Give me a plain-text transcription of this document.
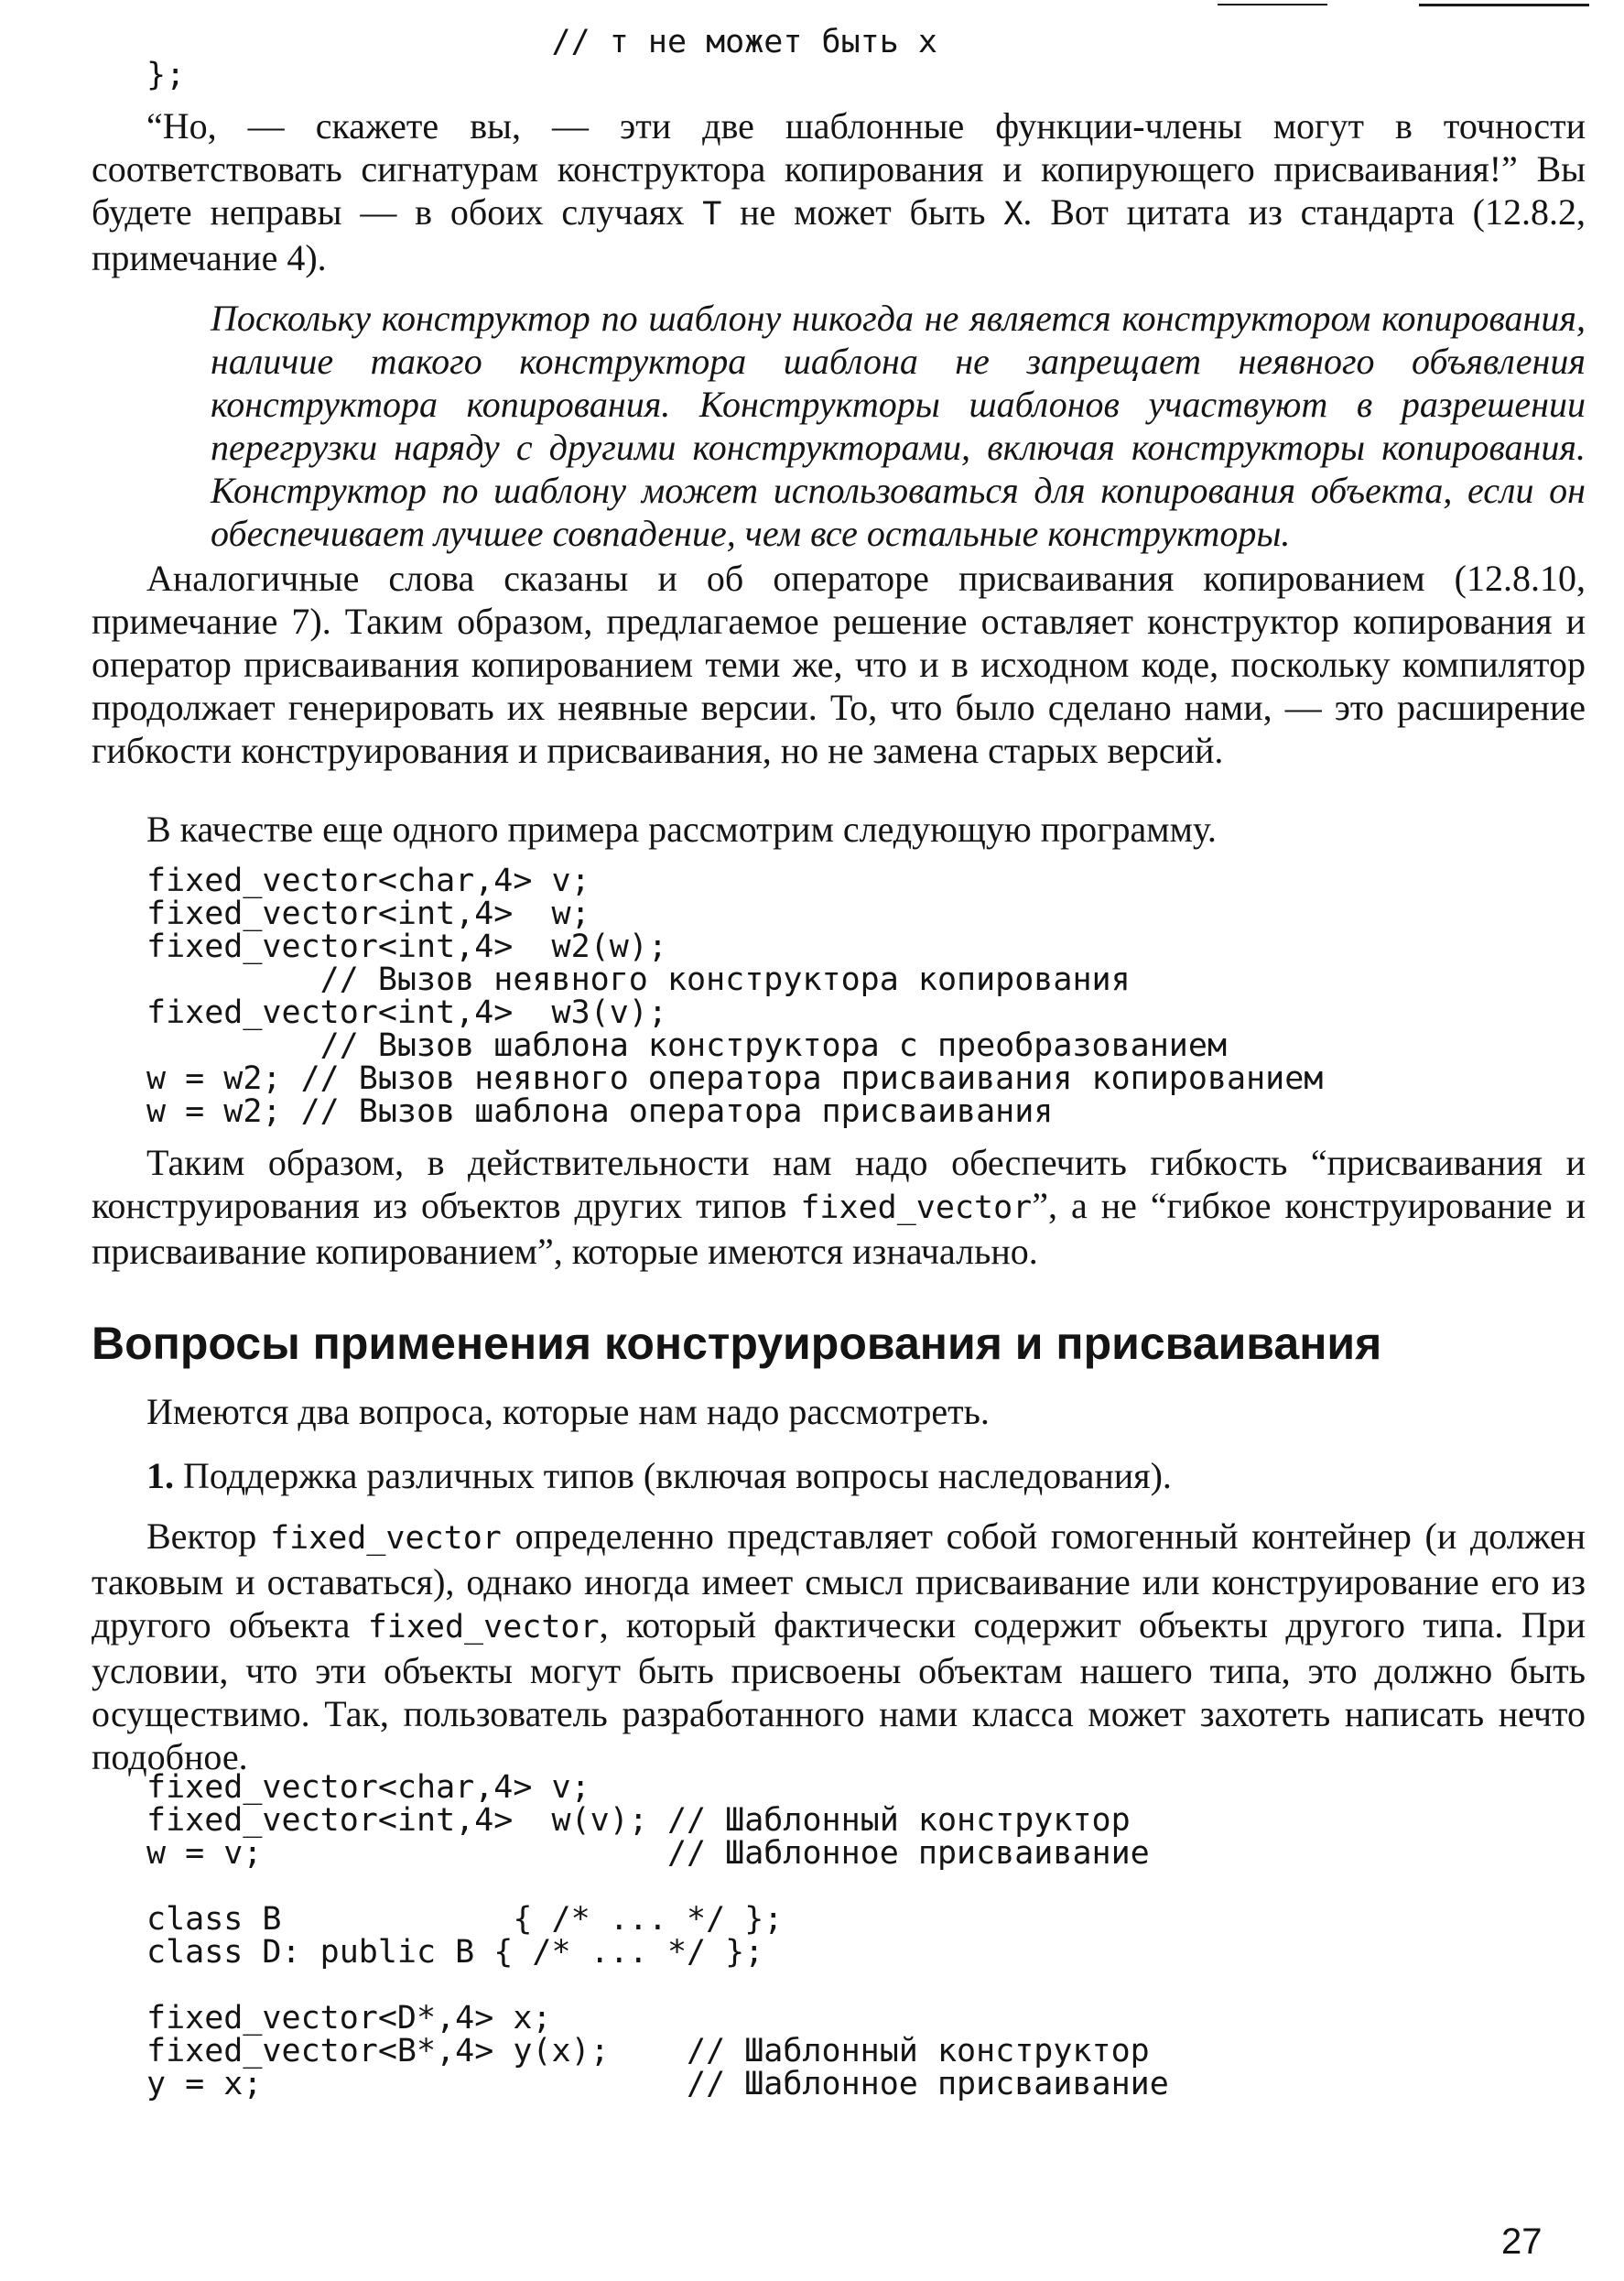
// т не может быть x
};

“Но, — скажете вы, — эти две шаблонные функции-члены могут в точности соответствовать сигнатурам конструктора копирования и копирующего присваивания!” Вы будете неправы — в обоих случаях T не может быть X. Вот цитата из стандарта (12.8.2, примечание 4).

Поскольку конструктор по шаблону никогда не является конструктором копирования, наличие такого конструктора шаблона не запрещает неявного объявления конструктора копирования. Конструкторы шаблонов участвуют в разрешении перегрузки наряду с другими конструкторами, включая конструкторы копирования. Конструктор по шаблону может использоваться для копирования объекта, если он обеспечивает лучшее совпадение, чем все остальные конструкторы.

Аналогичные слова сказаны и об операторе присваивания копированием (12.8.10, примечание 7). Таким образом, предлагаемое решение оставляет конструктор копирования и оператор присваивания копированием теми же, что и в исходном коде, поскольку компилятор продолжает генерировать их неявные версии. То, что было сделано нами, — это расширение гибкости конструирования и присваивания, но не замена старых версий.

В качестве еще одного примера рассмотрим следующую программу.

fixed_vector<char,4> v;
fixed_vector<int,4>  w;
fixed_vector<int,4>  w2(w);
// Вызов неявного конструктора копирования
fixed_vector<int,4>  w3(v);
// Вызов шаблона конструктора с преобразованием
w = w2; // Вызов неявного оператора присваивания копированием
w = w2; // Вызов шаблона оператора присваивания

Таким образом, в действительности нам надо обеспечить гибкость “присваивания и конструирования из объектов других типов fixed_vector”, а не “гибкое конструирование и присваивание копированием”, которые имеются изначально.

Вопросы применения конструирования и присваивания

Имеются два вопроса, которые нам надо рассмотреть.

1. Поддержка различных типов (включая вопросы наследования).

Вектор fixed_vector определенно представляет собой гомогенный контейнер (и должен таковым и оставаться), однако иногда имеет смысл присваивание или конструирование его из другого объекта fixed_vector, который фактически содержит объекты другого типа. При условии, что эти объекты могут быть присвоены объектам нашего типа, это должно быть осуществимо. Так, пользователь разработанного нами класса может захотеть написать нечто подобное.

fixed_vector<char,4> v;
fixed_vector<int,4>  w(v); // Шаблонный конструктор
w = v;                     // Шаблонное присваивание

class B            { /* ... */ };
class D: public B { /* ... */ };

fixed_vector<D*,4> x;
fixed_vector<B*,4> y(x);    // Шаблонный конструктор
y = x;                      // Шаблонное присваивание
27
